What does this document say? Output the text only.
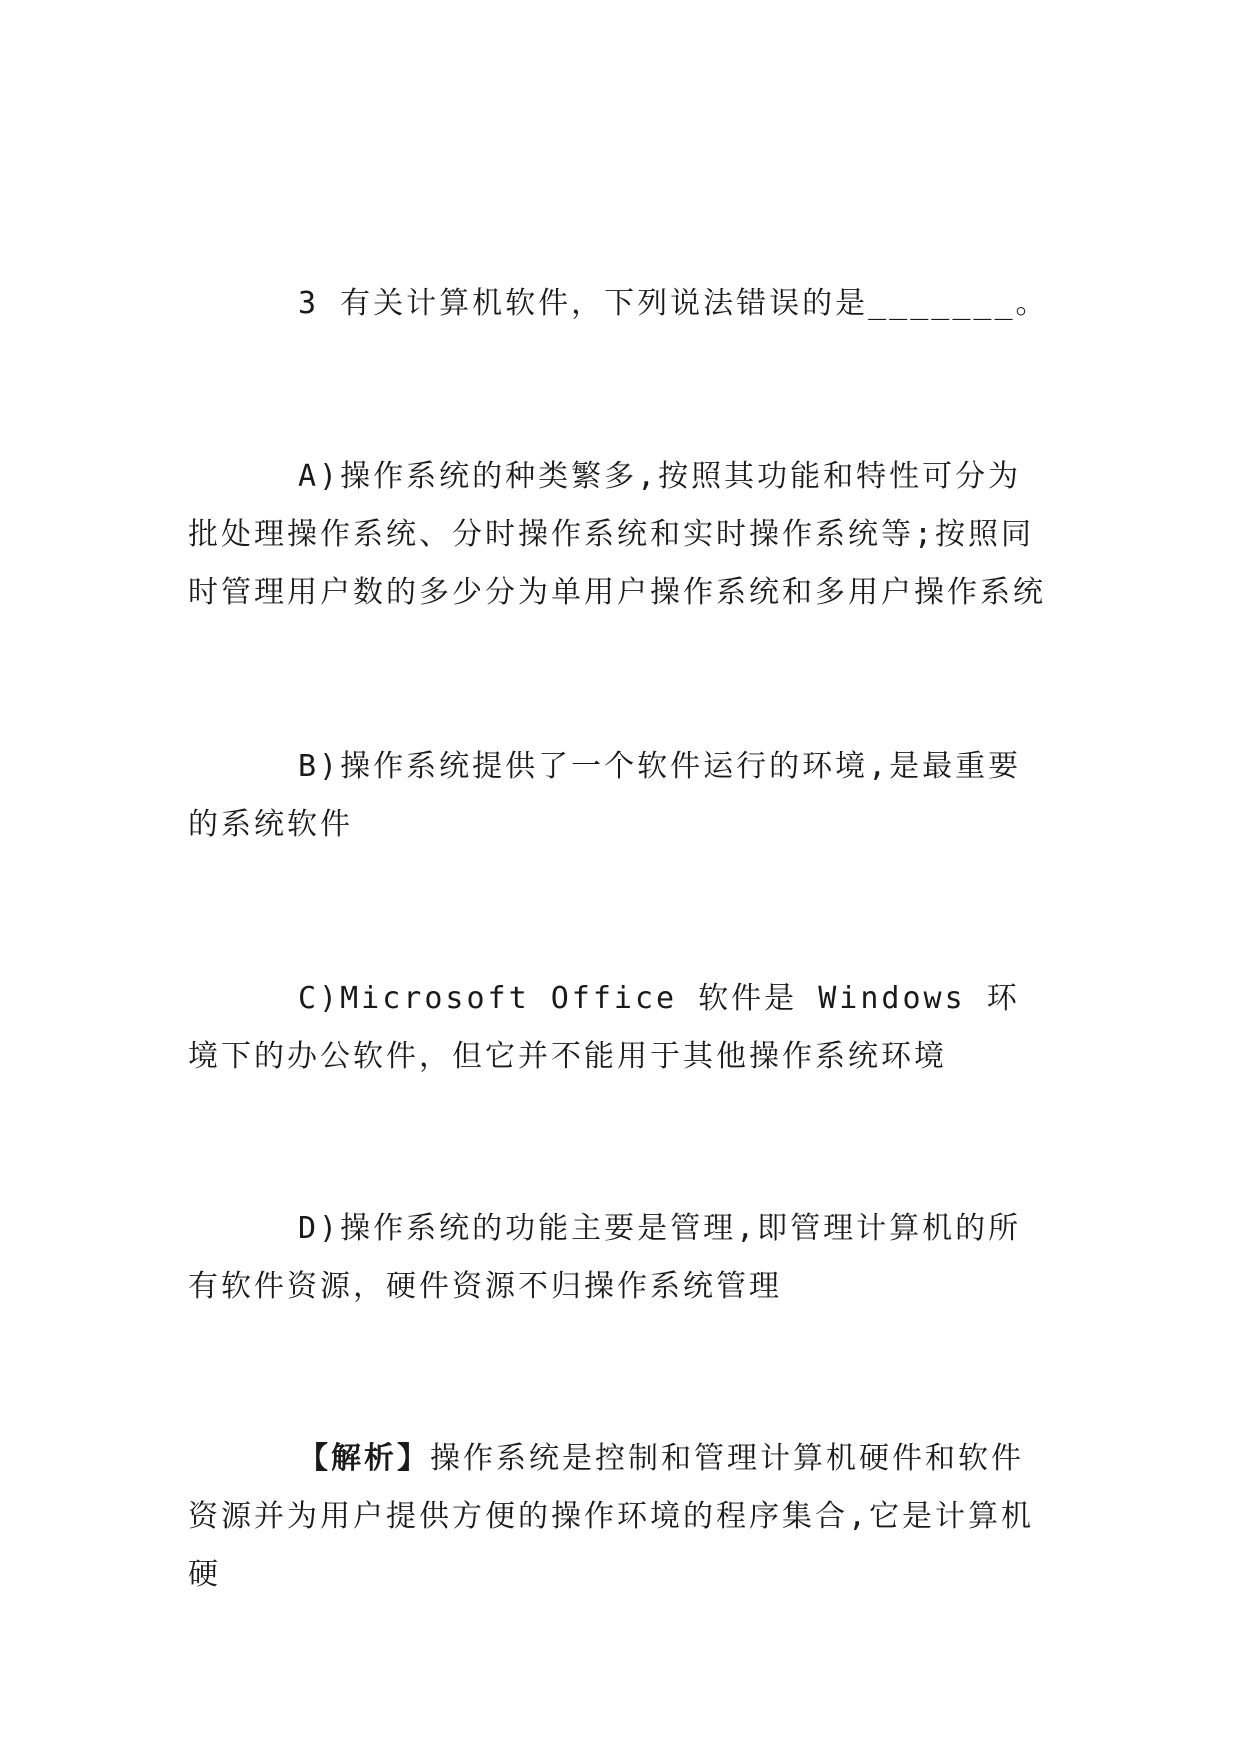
3 有关计算机软件，下列说法错误的是_______。

A)操作系统的种类繁多,按照其功能和特性可分为批处理操作系统、分时操作系统和实时操作系统等;按照同时管理用户数的多少分为单用户操作系统和多用户操作系统

B)操作系统提供了一个软件运行的环境,是最重要的系统软件

C)Microsoft Office 软件是 Windows 环境下的办公软件，但它并不能用于其他操作系统环境

D)操作系统的功能主要是管理,即管理计算机的所有软件资源，硬件资源不归操作系统管理

【解析】操作系统是控制和管理计算机硬件和软件资源并为用户提供方便的操作环境的程序集合,它是计算机硬
